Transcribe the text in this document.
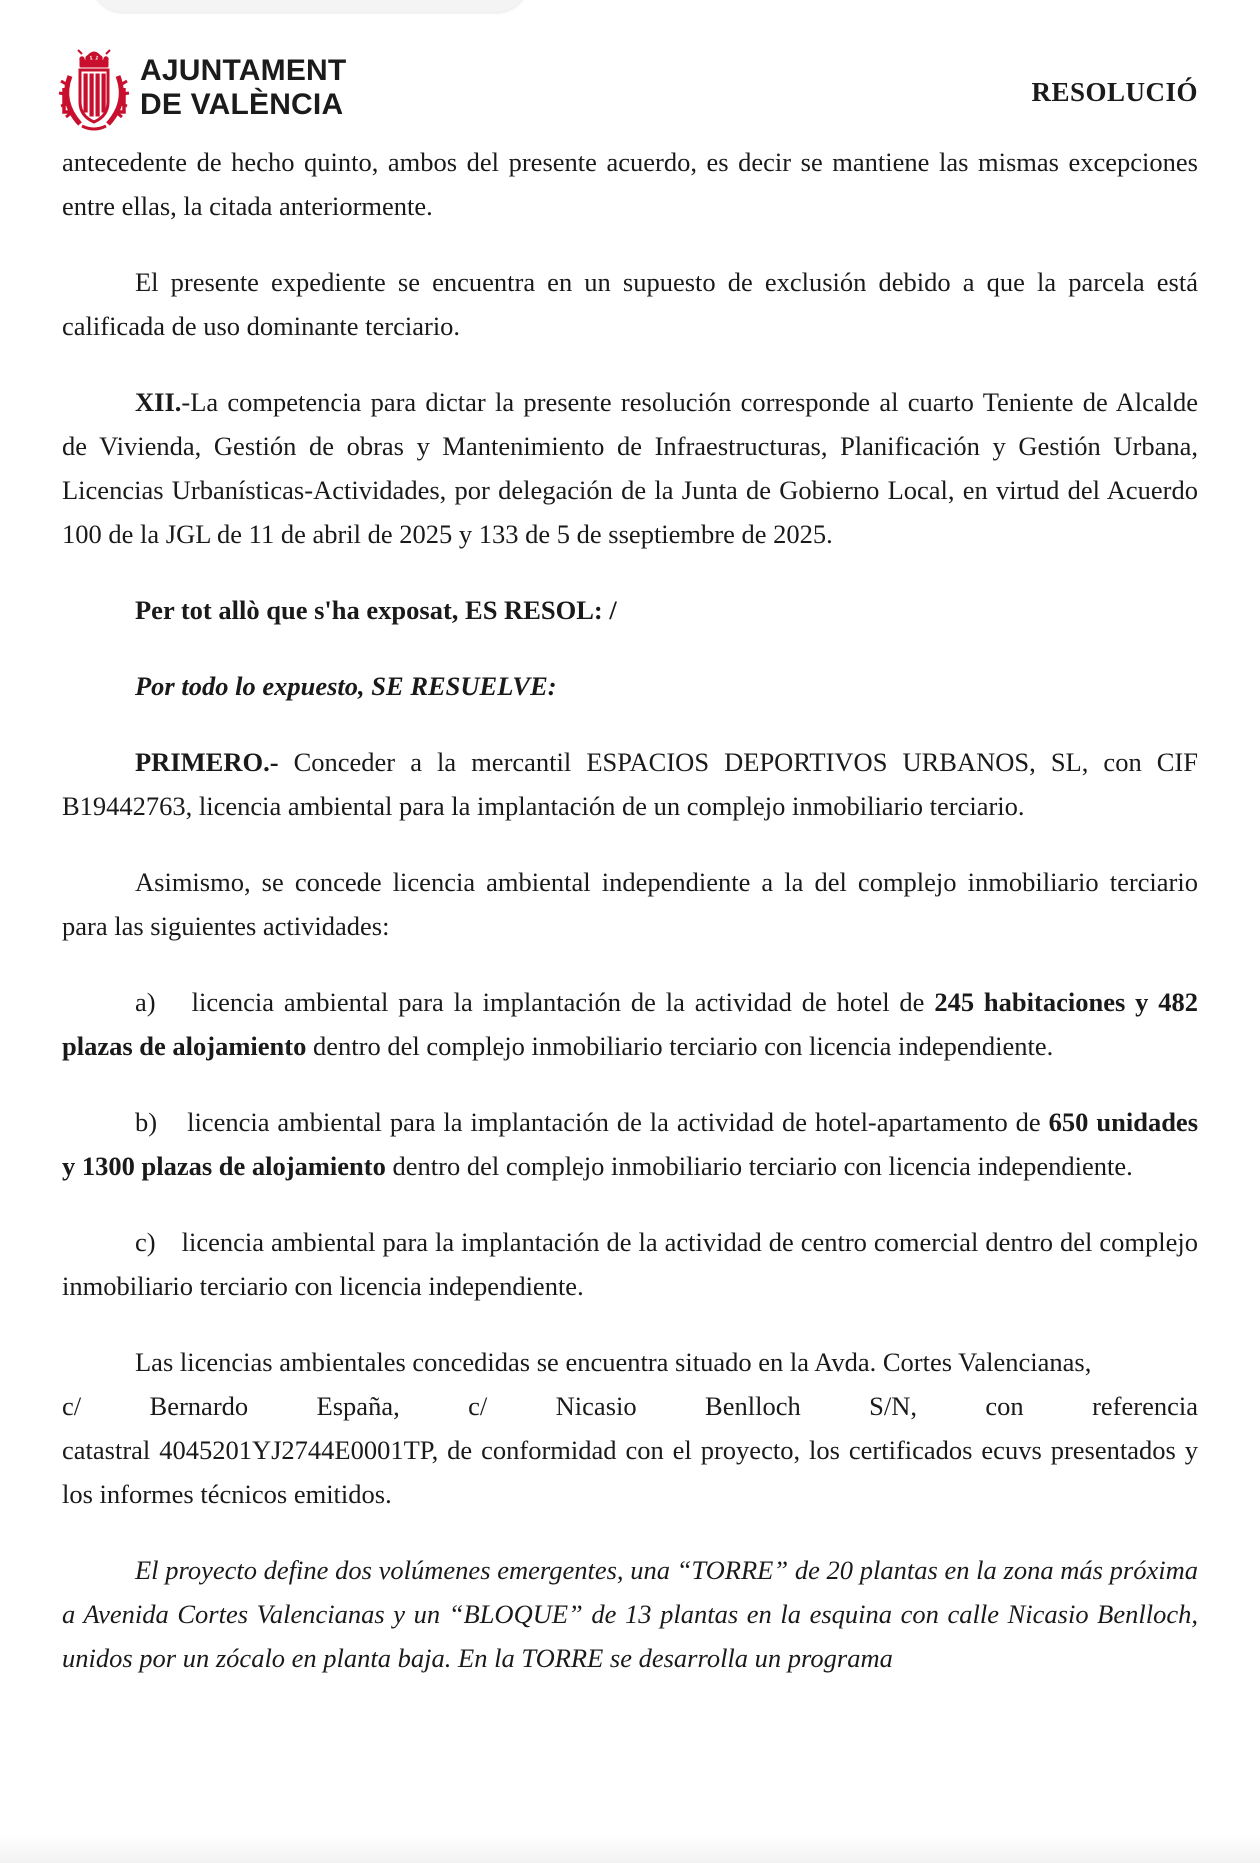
AJUNTAMENT
DE VALÈNCIA	RESOLUCIÓ

antecedente de hecho quinto, ambos del presente acuerdo, es decir se mantiene las mismas excepciones entre ellas, la citada anteriormente.

El presente expediente se encuentra en un supuesto de exclusión debido a que la parcela está calificada de uso dominante terciario.

XII.-La competencia para dictar la presente resolución corresponde al cuarto Teniente de Alcalde de Vivienda, Gestión de obras y Mantenimiento de Infraestructuras, Planificación y Gestión Urbana, Licencias Urbanísticas-Actividades, por delegación de la Junta de Gobierno Local, en virtud del Acuerdo 100 de la JGL de 11 de abril de 2025 y 133 de 5 de sseptiembre de 2025.

Per tot allò que s'ha exposat, ES RESOL: /

Por todo lo expuesto, SE RESUELVE:

PRIMERO.- Conceder a la mercantil ESPACIOS DEPORTIVOS URBANOS, SL, con CIF B19442763, licencia ambiental para la implantación de un complejo inmobiliario terciario.

Asimismo, se concede licencia ambiental independiente a la del complejo inmobiliario terciario para las siguientes actividades:

a) licencia ambiental para la implantación de la actividad de hotel de 245 habitaciones y 482 plazas de alojamiento dentro del complejo inmobiliario terciario con licencia independiente.

b) licencia ambiental para la implantación de la actividad de hotel-apartamento de 650 unidades y 1300 plazas de alojamiento dentro del complejo inmobiliario terciario con licencia independiente.

c) licencia ambiental para la implantación de la actividad de centro comercial dentro del complejo inmobiliario terciario con licencia independiente.

Las licencias ambientales concedidas se encuentra situado en la Avda. Cortes Valencianas,

c/ Bernardo España, c/ Nicasio Benlloch S/N, con referencia
catastral 4045201YJ2744E0001TP, de conformidad con el proyecto, los certificados ecuvs presentados y los informes técnicos emitidos.

El proyecto define dos volúmenes emergentes, una “TORRE” de 20 plantas en la zona más próxima a Avenida Cortes Valencianas y un “BLOQUE” de 13 plantas en la esquina con calle Nicasio Benlloch, unidos por un zócalo en planta baja. En la TORRE se desarrolla un programa
